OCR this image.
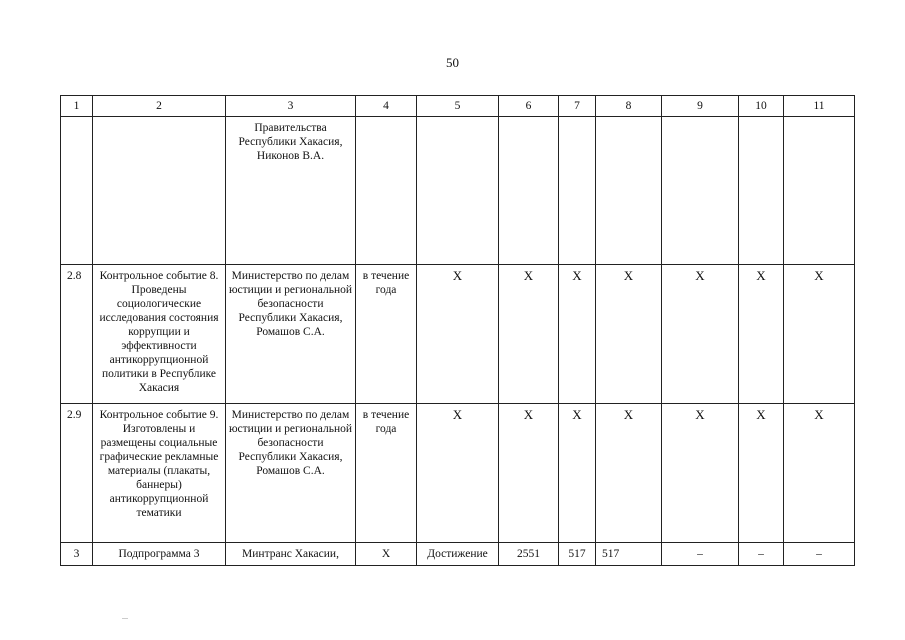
50
1	2	3	4	5	6	7	8	9	10	11
		Правительства Республики Хакасия, Никонов В.А.								
2.8	Контрольное событие 8. Проведены социологические исследования состояния коррупции и эффективности антикоррупционной политики в Республике Хакасия	Министерство по делам юстиции и региональной безопасности Республики Хакасия, Ромашов С.А.	в течение года	X	X	X	X	X	X	X
2.9	Контрольное событие 9. Изготовлены и размещены социальные графические рекламные материалы (плакаты, баннеры) антикоррупционной тематики	Министерство по делам юстиции и региональной безопасности Республики Хакасия, Ромашов С.А.	в течение года	X	X	X	X	X	X	X
3	Подпрограмма 3	Минтранс Хакасии,	X	Достижение	2551	517	517	–	–	–
